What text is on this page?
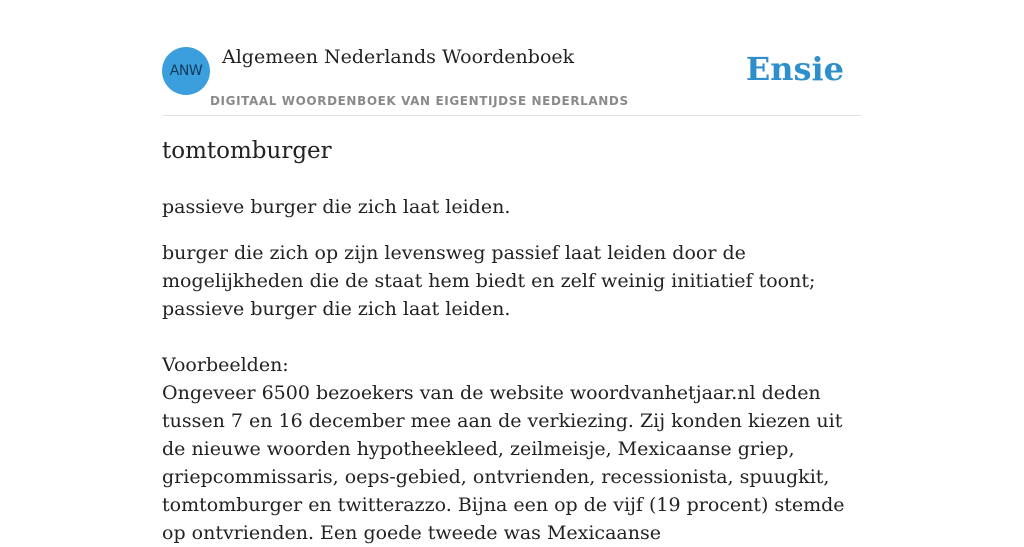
ANW
Algemeen Nederlands Woordenboek
DIGITAAL WOORDENBOEK VAN EIGENTIJDSE NEDERLANDS
Ensie
tomtomburger

passieve burger die zich laat leiden.

burger die zich op zijn levensweg passief laat leiden door de mogelijkheden die de staat hem biedt en zelf weinig initiatief toont; passieve burger die zich laat leiden.

Voorbeelden:

Ongeveer 6500 bezoekers van de website woordvanhetjaar.nl deden tussen 7 en 16 december mee aan de verkiezing. Zij konden kiezen uit de nieuwe woorden hypotheekleed, zeilmeisje, Mexicaanse griep, griepcommissaris, oeps-gebied, ontvrienden, recessionista, spuugkit, tomtomburger en twitterazzo. Bijna een op de vijf (19 procent) stemde op ontvrienden. Een goede tweede was Mexicaanse
